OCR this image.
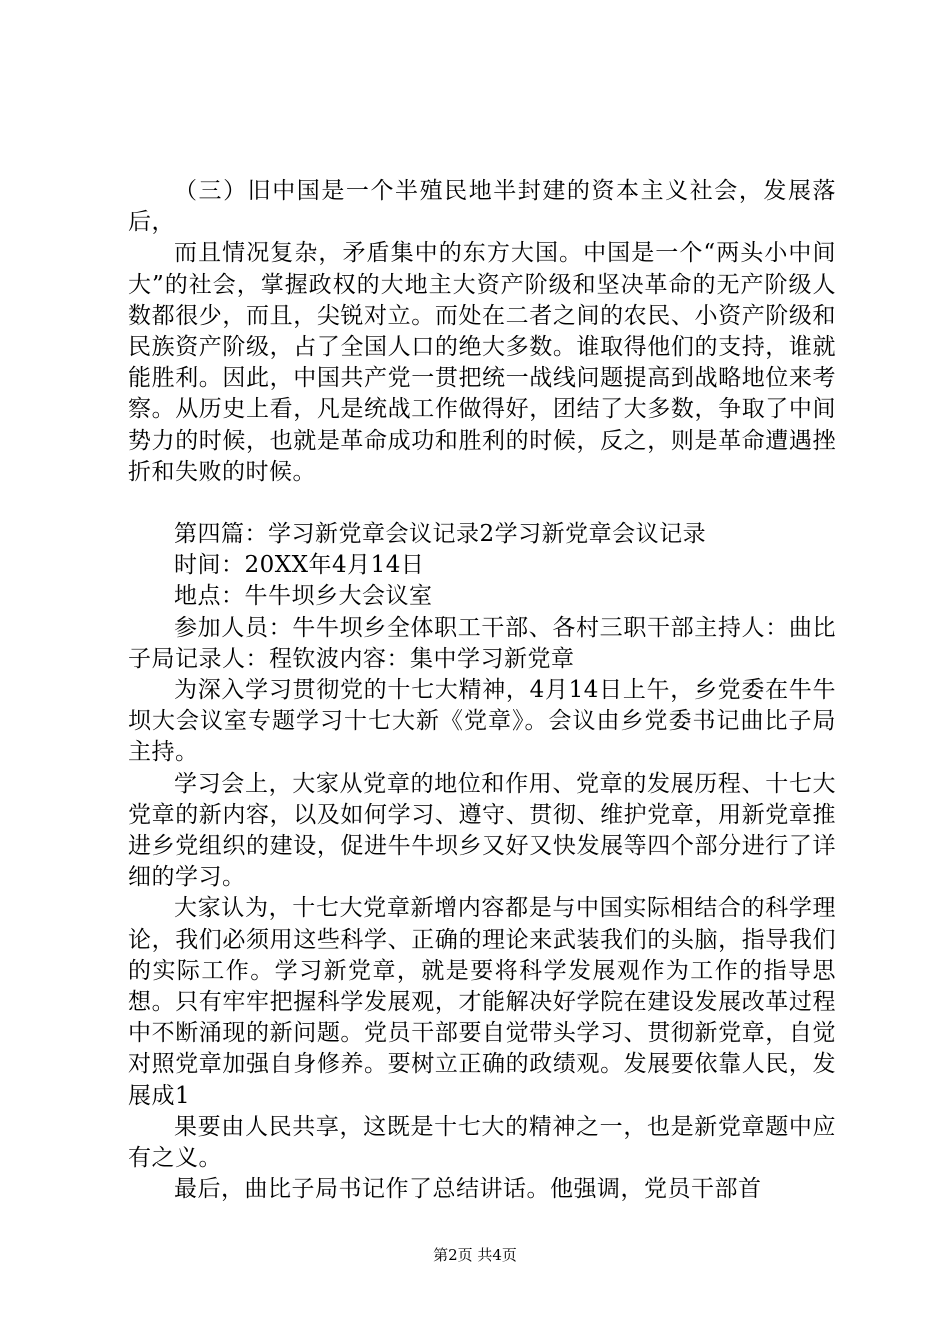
（三）旧中国是一个半殖民地半封建的资本主义社会，发展落后，

而且情况复杂，矛盾集中的东方大国。中国是一个“两头小中间大”的社会，掌握政权的大地主大资产阶级和坚决革命的无产阶级人数都很少，而且，尖锐对立。而处在二者之间的农民、小资产阶级和民族资产阶级，占了全国人口的绝大多数。谁取得他们的支持，谁就能胜利。因此，中国共产党一贯把统一战线问题提高到战略地位来考察。从历史上看，凡是统战工作做得好，团结了大多数，争取了中间势力的时候，也就是革命成功和胜利的时候，反之，则是革命遭遇挫折和失败的时候。

第四篇：学习新党章会议记录2学习新党章会议记录

时间：20XX年4月14日

地点：牛牛坝乡大会议室

参加人员：牛牛坝乡全体职工干部、各村三职干部主持人：曲比子局记录人：程钦波内容：集中学习新党章

为深入学习贯彻党的十七大精神，4月14日上午，乡党委在牛牛坝大会议室专题学习十七大新《党章》。会议由乡党委书记曲比子局主持。

学习会上，大家从党章的地位和作用、党章的发展历程、十七大党章的新内容，以及如何学习、遵守、贯彻、维护党章，用新党章推进乡党组织的建设，促进牛牛坝乡又好又快发展等四个部分进行了详细的学习。

大家认为，十七大党章新增内容都是与中国实际相结合的科学理论，我们必须用这些科学、正确的理论来武装我们的头脑，指导我们的实际工作。学习新党章，就是要将科学发展观作为工作的指导思想。只有牢牢把握科学发展观，才能解决好学院在建设发展改革过程中不断涌现的新问题。党员干部要自觉带头学习、贯彻新党章，自觉对照党章加强自身修养。要树立正确的政绩观。发展要依靠人民，发展成1

果要由人民共享，这既是十七大的精神之一，也是新党章题中应有之义。

最后，曲比子局书记作了总结讲话。他强调，党员干部首

第2页 共4页
